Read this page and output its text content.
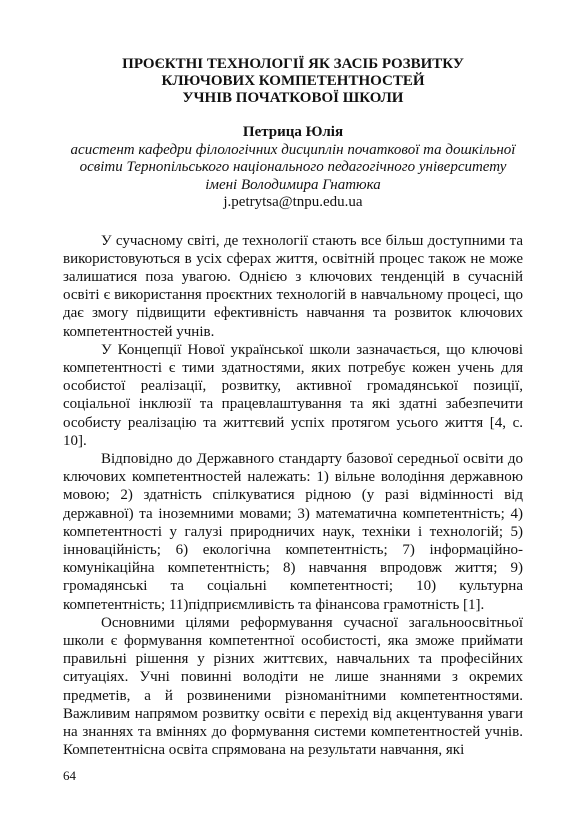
ПРОЄКТНІ ТЕХНОЛОГІЇ ЯК ЗАСІБ РОЗВИТКУ
КЛЮЧОВИХ КОМПЕТЕНТНОСТЕЙ
УЧНІВ ПОЧАТКОВОЇ ШКОЛИ
Петрица Юлія
асистент кафедри філологічних дисциплін початкової та дошкільної
освіти Тернопільського національного педагогічного університету
імені Володимира Гнатюка
j.petrytsa@tnpu.edu.ua

У сучасному світі, де технології стають все більш доступними та використовуються в усіх сферах життя, освітній процес також не може залишатися поза увагою. Однією з ключових тенденцій в сучасній освіті є використання проєктних технологій в навчальному процесі, що дає змогу підвищити ефективність навчання та розвиток ключових компетентностей учнів.

У Концепції Нової української школи зазначається, що ключові компетентності є тими здатностями, яких потребує кожен учень для особистої реалізації, розвитку, активної громадянської позиції, соціальної інклюзії та працевлаштування та які здатні забезпечити особисту реалізацію та життєвий успіх протягом усього життя [4, с. 10].

Відповідно до Державного стандарту базової середньої освіти до ключових компетентностей належать: 1) вільне володіння державною мовою; 2) здатність спілкуватися рідною (у разі відмінності від державної) та іноземними мовами; 3) математична компетентність; 4) компетентності у галузі природничих наук, техніки і технологій; 5) інноваційність; 6) екологічна компетентність; 7) інформаційно-комунікаційна компетентність; 8) навчання впродовж життя; 9) громадянські та соціальні компетентності; 10) культурна компетентність; 11)підприємливість та фінансова грамотність [1].

Основними цілями реформування сучасної загальноосвітньої школи є формування компетентної особистості, яка зможе приймати правильні рішення у різних життєвих, навчальних та професійних ситуаціях. Учні повинні володіти не лише знаннями з окремих предметів, а й розвиненими різноманітними компетентностями. Важливим напрямом розвитку освіти є перехід від акцентування уваги на знаннях та вміннях до формування системи компетентностей учнів. Компетентнісна освіта спрямована на результати навчання, які

64
